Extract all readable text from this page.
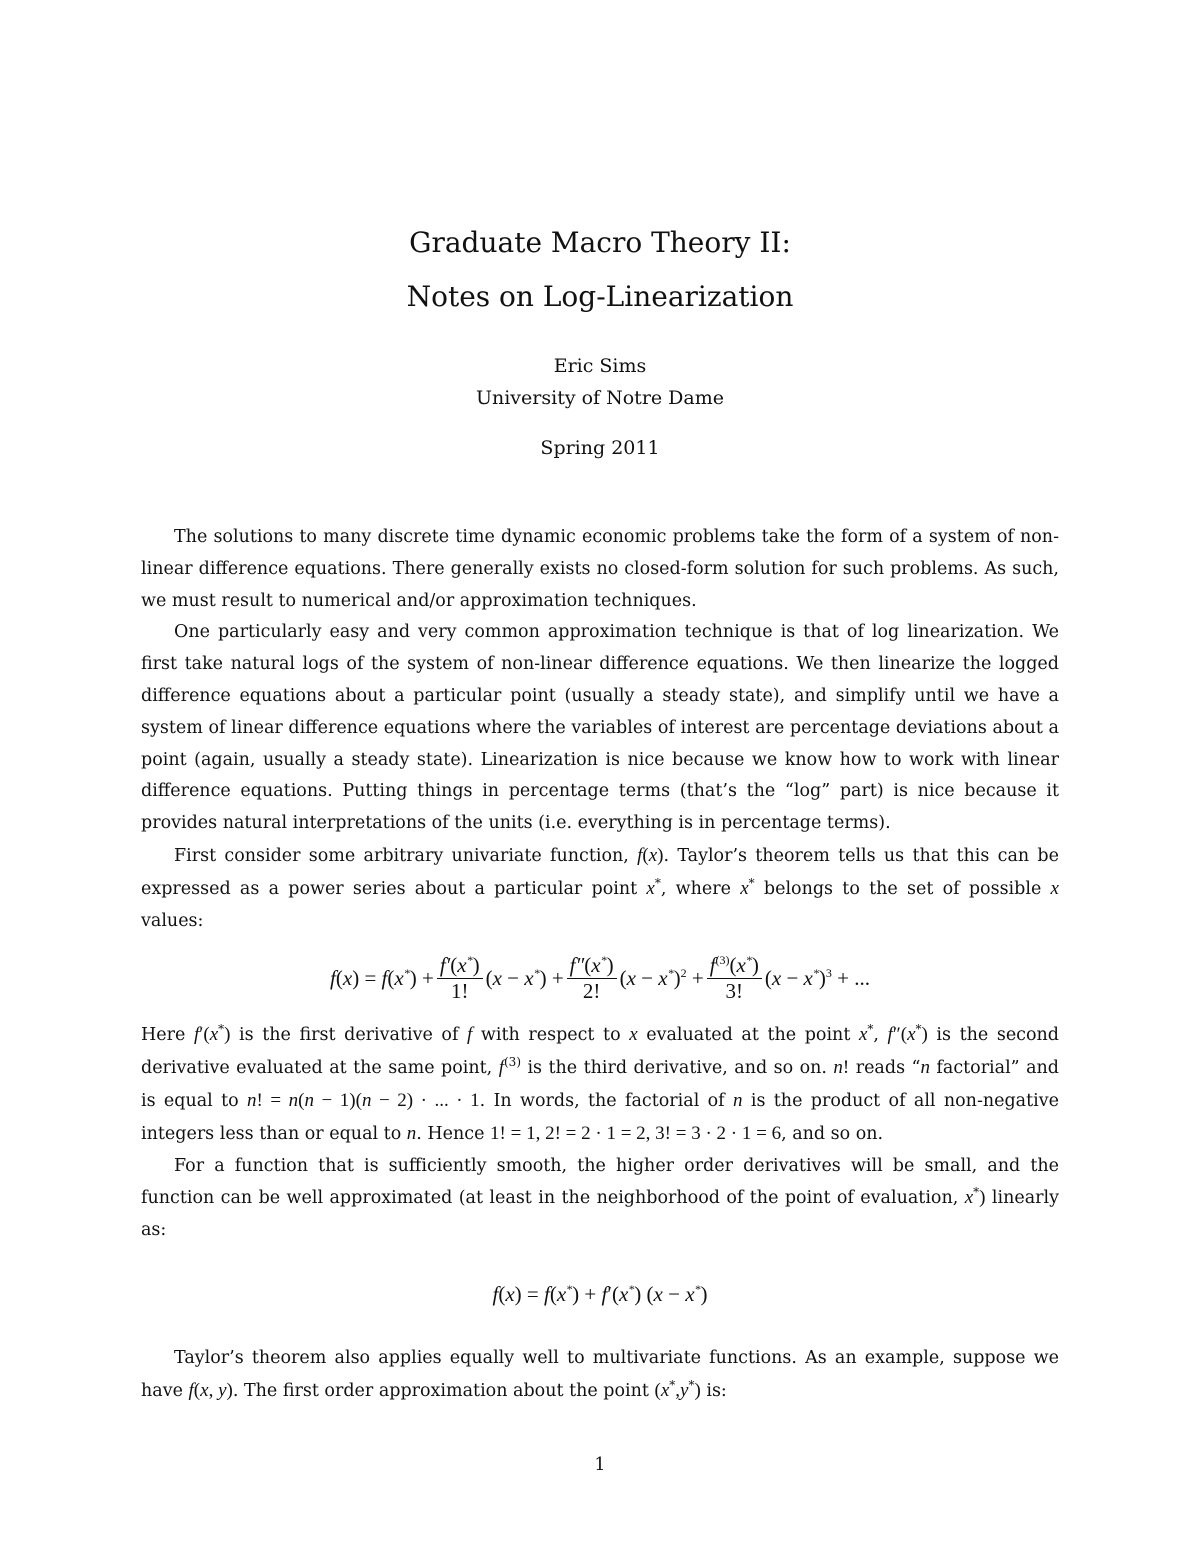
Graduate Macro Theory II:
Notes on Log-Linearization
Eric Sims
University of Notre Dame
Spring 2011

The solutions to many discrete time dynamic economic problems take the form of a system of non-linear difference equations. There generally exists no closed-form solution for such problems. As such, we must result to numerical and/or approximation techniques.

One particularly easy and very common approximation technique is that of log linearization. We first take natural logs of the system of non-linear difference equations. We then linearize the logged difference equations about a particular point (usually a steady state), and simplify until we have a system of linear difference equations where the variables of interest are percentage deviations about a point (again, usually a steady state). Linearization is nice because we know how to work with linear difference equations. Putting things in percentage terms (that’s the “log” part) is nice because it provides natural interpretations of the units (i.e. everything is in percentage terms).

First consider some arbitrary univariate function, f(x). Taylor’s theorem tells us that this can be expressed as a power series about a particular point x*, where x* belongs to the set of possible x values:

$f(x) = f(x^*) + \frac{f'(x^*)}{1!} (x - x^*) + \frac{f''(x^*)}{2!} (x - x^*)^2 + \frac{f^{(3)}(x^*)}{3!} (x - x^*)^3$ + ...

Here f′(x*) is the first derivative of f with respect to x evaluated at the point x*, f″(x*) is the second derivative evaluated at the same point, $f^{(3)}$ is the third derivative, and so on. n! reads “n factorial” and is equal to n! = n(n − 1)(n − 2) · ... · 1. In words, the factorial of n is the product of all non-negative integers less than or equal to n. Hence 1! = 1, 2! = 2 · 1 = 2, 3! = 3 · 2 · 1 = 6, and so on.

For a function that is sufficiently smooth, the higher order derivatives will be small, and the function can be well approximated (at least in the neighborhood of the point of evaluation, x*) linearly as:

f(x) = f(x*) + f′(x*) (x − x*)

Taylor’s theorem also applies equally well to multivariate functions. As an example, suppose we have f(x, y). The first order approximation about the point (x*,y*) is:

1
